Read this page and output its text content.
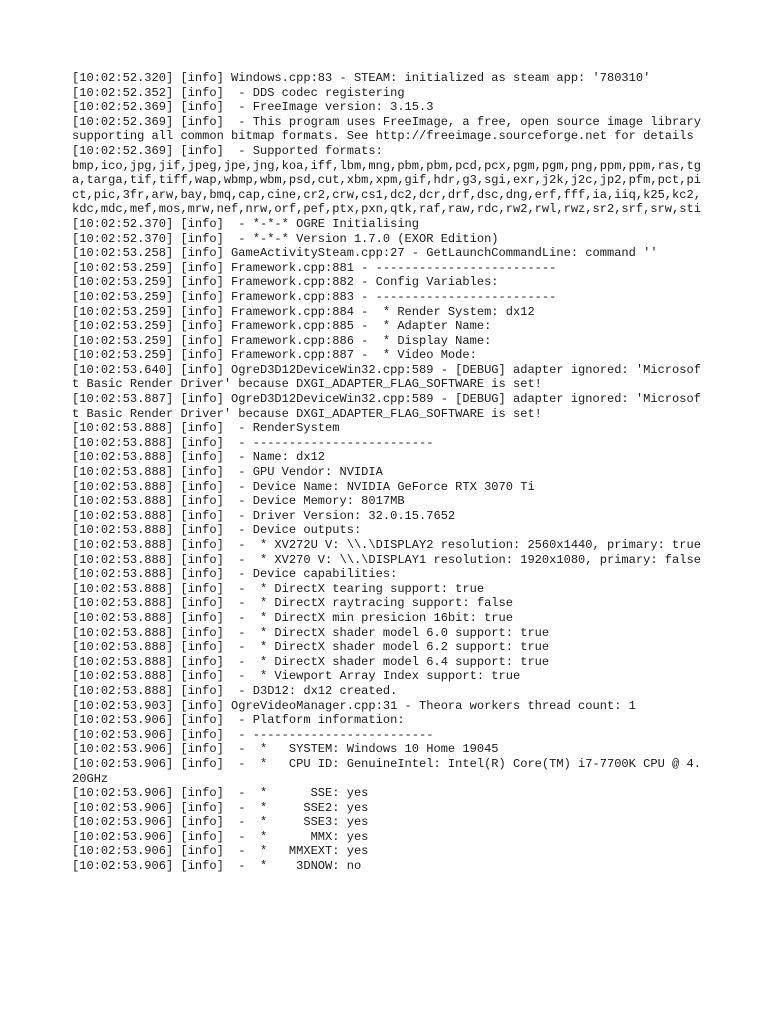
[10:02:52.320] [info] Windows.cpp:83 - STEAM: initialized as steam app: '780310'
[10:02:52.352] [info]  - DDS codec registering
[10:02:52.369] [info]  - FreeImage version: 3.15.3
[10:02:52.369] [info]  - This program uses FreeImage, a free, open source image library supporting all common bitmap formats. See http://freeimage.sourceforge.net for details
[10:02:52.369] [info]  - Supported formats:
bmp,ico,jpg,jif,jpeg,jpe,jng,koa,iff,lbm,mng,pbm,pbm,pcd,pcx,pgm,pgm,png,ppm,ppm,ras,tga,targa,tif,tiff,wap,wbmp,wbm,psd,cut,xbm,xpm,gif,hdr,g3,sgi,exr,j2k,j2c,jp2,pfm,pct,pict,pic,3fr,arw,bay,bmq,cap,cine,cr2,crw,cs1,dc2,dcr,drf,dsc,dng,erf,fff,ia,iiq,k25,kc2,kdc,mdc,mef,mos,mrw,nef,nrw,orf,pef,ptx,pxn,qtk,raf,raw,rdc,rw2,rwl,rwz,sr2,srf,srw,sti
[10:02:52.370] [info]  - *-*-* OGRE Initialising
[10:02:52.370] [info]  - *-*-* Version 1.7.0 (EXOR Edition)
[10:02:53.258] [info] GameActivitySteam.cpp:27 - GetLaunchCommandLine: command ''
[10:02:53.259] [info] Framework.cpp:881 - -------------------------
[10:02:53.259] [info] Framework.cpp:882 - Config Variables:
[10:02:53.259] [info] Framework.cpp:883 - -------------------------
[10:02:53.259] [info] Framework.cpp:884 -  * Render System: dx12
[10:02:53.259] [info] Framework.cpp:885 -  * Adapter Name:
[10:02:53.259] [info] Framework.cpp:886 -  * Display Name:
[10:02:53.259] [info] Framework.cpp:887 -  * Video Mode:
[10:02:53.640] [info] OgreD3D12DeviceWin32.cpp:589 - [DEBUG] adapter ignored: 'Microsoft Basic Render Driver' because DXGI_ADAPTER_FLAG_SOFTWARE is set!
[10:02:53.887] [info] OgreD3D12DeviceWin32.cpp:589 - [DEBUG] adapter ignored: 'Microsoft Basic Render Driver' because DXGI_ADAPTER_FLAG_SOFTWARE is set!
[10:02:53.888] [info]  - RenderSystem
[10:02:53.888] [info]  - -------------------------
[10:02:53.888] [info]  - Name: dx12
[10:02:53.888] [info]  - GPU Vendor: NVIDIA
[10:02:53.888] [info]  - Device Name: NVIDIA GeForce RTX 3070 Ti
[10:02:53.888] [info]  - Device Memory: 8017MB
[10:02:53.888] [info]  - Driver Version: 32.0.15.7652
[10:02:53.888] [info]  - Device outputs:
[10:02:53.888] [info]  -  * XV272U V: \\.\DISPLAY2 resolution: 2560x1440, primary: true
[10:02:53.888] [info]  -  * XV270 V: \\.\DISPLAY1 resolution: 1920x1080, primary: false
[10:02:53.888] [info]  - Device capabilities:
[10:02:53.888] [info]  -  * DirectX tearing support: true
[10:02:53.888] [info]  -  * DirectX raytracing support: false
[10:02:53.888] [info]  -  * DirectX min presicion 16bit: true
[10:02:53.888] [info]  -  * DirectX shader model 6.0 support: true
[10:02:53.888] [info]  -  * DirectX shader model 6.2 support: true
[10:02:53.888] [info]  -  * DirectX shader model 6.4 support: true
[10:02:53.888] [info]  -  * Viewport Array Index support: true
[10:02:53.888] [info]  - D3D12: dx12 created.
[10:02:53.903] [info] OgreVideoManager.cpp:31 - Theora workers thread count: 1
[10:02:53.906] [info]  - Platform information:
[10:02:53.906] [info]  - -------------------------
[10:02:53.906] [info]  -  *   SYSTEM: Windows 10 Home 19045
[10:02:53.906] [info]  -  *   CPU ID: GenuineIntel: Intel(R) Core(TM) i7-7700K CPU @ 4.20GHz
[10:02:53.906] [info]  -  *      SSE: yes
[10:02:53.906] [info]  -  *     SSE2: yes
[10:02:53.906] [info]  -  *     SSE3: yes
[10:02:53.906] [info]  -  *      MMX: yes
[10:02:53.906] [info]  -  *   MMXEXT: yes
[10:02:53.906] [info]  -  *    3DNOW: no
